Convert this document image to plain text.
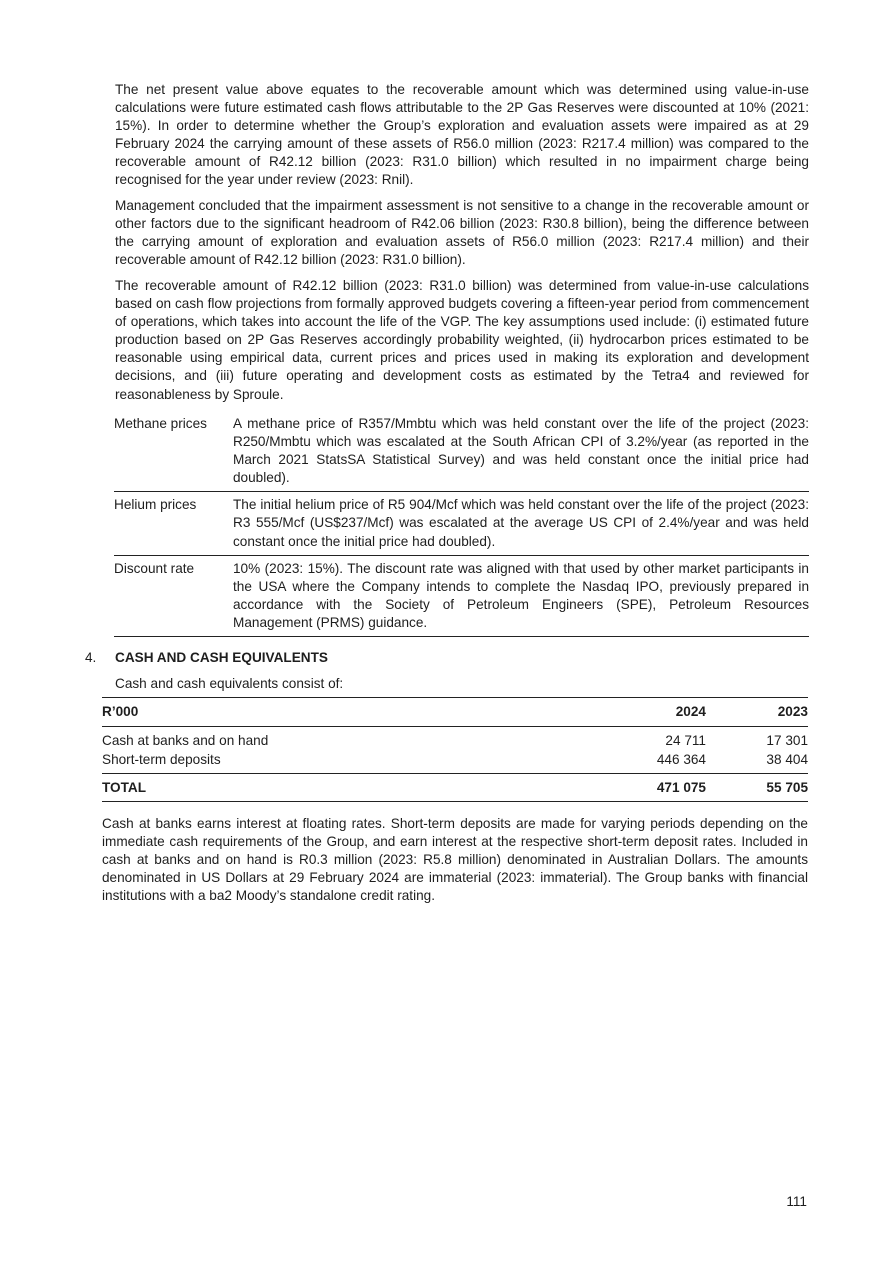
The net present value above equates to the recoverable amount which was determined using value-in-use calculations were future estimated cash flows attributable to the 2P Gas Reserves were discounted at 10% (2021: 15%). In order to determine whether the Group’s exploration and evaluation assets were impaired as at 29 February 2024 the carrying amount of these assets of R56.0 million (2023: R217.4 million) was compared to the recoverable amount of R42.12 billion (2023: R31.0 billion) which resulted in no impairment charge being recognised for the year under review (2023: Rnil).

Management concluded that the impairment assessment is not sensitive to a change in the recoverable amount or other factors due to the significant headroom of R42.06 billion (2023: R30.8 billion), being the difference between the carrying amount of exploration and evaluation assets of R56.0 million (2023: R217.4 million) and their recoverable amount of R42.12 billion (2023: R31.0 billion).

The recoverable amount of R42.12 billion (2023: R31.0 billion) was determined from value-in-use calculations based on cash flow projections from formally approved budgets covering a fifteen-year period from commencement of operations, which takes into account the life of the VGP. The key assumptions used include: (i) estimated future production based on 2P Gas Reserves accordingly probability weighted, (ii) hydrocarbon prices estimated to be reasonable using empirical data, current prices and prices used in making its exploration and development decisions, and (iii) future operating and development costs as estimated by the Tetra4 and reviewed for reasonableness by Sproule.

Methane prices	A methane price of R357/Mmbtu which was held constant over the life of the project (2023: R250/Mmbtu which was escalated at the South African CPI of 3.2%/year (as reported in the March 2021 StatsSA Statistical Survey) and was held constant once the initial price had doubled).
Helium prices	The initial helium price of R5 904/Mcf which was held constant over the life of the project (2023: R3 555/Mcf (US$237/Mcf) was escalated at the average US CPI of 2.4%/year and was held constant once the initial price had doubled).
Discount rate	10% (2023: 15%). The discount rate was aligned with that used by other market participants in the USA where the Company intends to complete the Nasdaq IPO, previously prepared in accordance with the Society of Petroleum Engineers (SPE), Petroleum Resources Management (PRMS) guidance.
4. CASH AND CASH EQUIVALENTS

Cash and cash equivalents consist of:

R’000	2024	2023
Cash at banks and on hand	24 711	17 301
Short-term deposits	446 364	38 404
TOTAL	471 075	55 705

Cash at banks earns interest at floating rates. Short-term deposits are made for varying periods depending on the immediate cash requirements of the Group, and earn interest at the respective short-term deposit rates. Included in cash at banks and on hand is R0.3 million (2023: R5.8 million) denominated in Australian Dollars. The amounts denominated in US Dollars at 29 February 2024 are immaterial (2023: immaterial). The Group banks with financial institutions with a ba2 Moody’s standalone credit rating.

111
